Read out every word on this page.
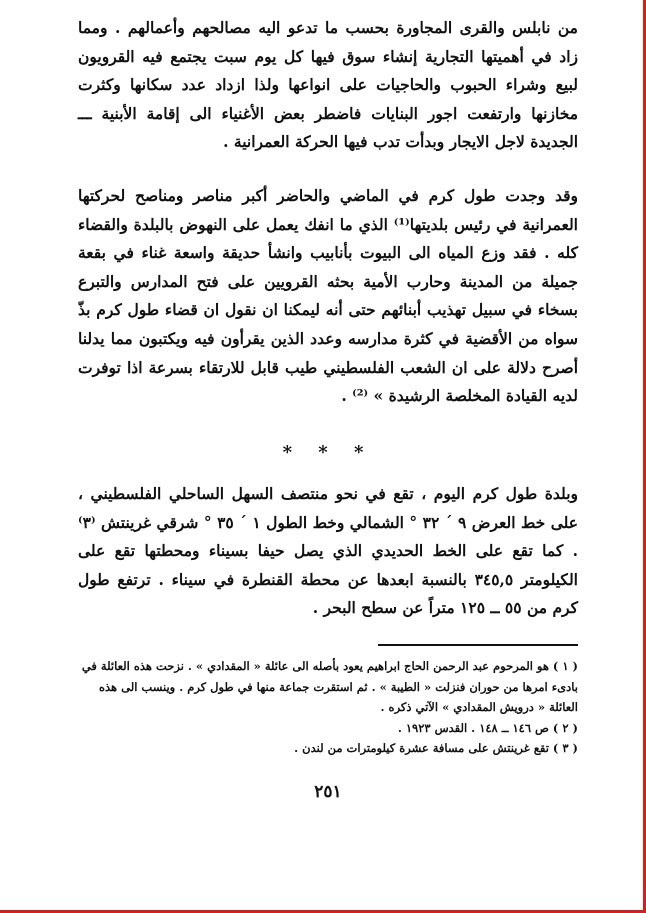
من نابلس والقرى المجاورة بحسب ما تدعو اليه مصالحهم وأعمالهم . ومما زاد في أهميتها التجارية إنشاء سوق فيها كل يوم سبت يجتمع فيه القرويون لبيع وشراء الحبوب والحاجيات على انواعها ولذا ازداد عدد سكانها وكثرت مخازنها وارتفعت اجور البنايات فاضطر بعض الأغنياء الى إقامة الأبنية ـــ الجديدة لاجل الايجار وبدأت تدب فيها الحركة العمرانية .

وقد وجدت طول كرم في الماضي والحاضر أكبر مناصر ومناصح لحركتها العمرانية في رئيس بلديتها⁽¹⁾ الذي ما انفك يعمل على النهوض بالبلدة والقضاء كله . فقد وزع المياه الى البيوت بأنابيب وانشأ حديقة واسعة غناء في بقعة جميلة من المدينة وحارب الأمية بحثه القرويين على فتح المدارس والتبرع بسخاء في سبيل تهذيب أبنائهم حتى أنه ليمكنا ان نقول ان قضاء طول كرم بذّ سواه من الأقضية في كثرة مدارسه وعدد الذين يقرأون فيه ويكتبون مما يدلنا أصرح دلالة على ان الشعب الفلسطيني طيب قابل للارتقاء بسرعة اذا توفرت لديه القيادة المخلصة الرشيدة » ⁽²⁾ .

* * *

وبلدة طول كرم اليوم ، تقع في نحو منتصف السهل الساحلي الفلسطيني ، على خط العرض ٩ ´ ٣٢ ° الشمالي وخط الطول ١ ´ ٣٥ ° شرقي غرينتش ⁽٣⁾ . كما تقع على الخط الحديدي الذي يصل حيفا بسيناء ومحطتها تقع على الكيلومتر ٣٤٥,٥ بالنسبة ابعدها عن محطة القنطرة في سيناء . ترتفع طول كرم من ٥٥ ــ ١٢٥ متراً عن سطح البحر .

( ١ ) هو المرحوم عبد الرحمن الحاج ابراهيم يعود بأصله الى عائلة « المقدادي » . نزحت هذه العائلة في بادىء امرها من حوران فنزلت « الطيبة » . ثم استقرت جماعة منها في طول كرم . وينسب الى هذه العائلة « درويش المقدادي » الآتي ذكره .

( ٢ ) ص ١٤٦ ــ ١٤٨ . القدس ١٩٢٣ .

( ٣ ) تقع غرينتش على مسافة عشرة كيلومترات من لندن .

٢٥١
